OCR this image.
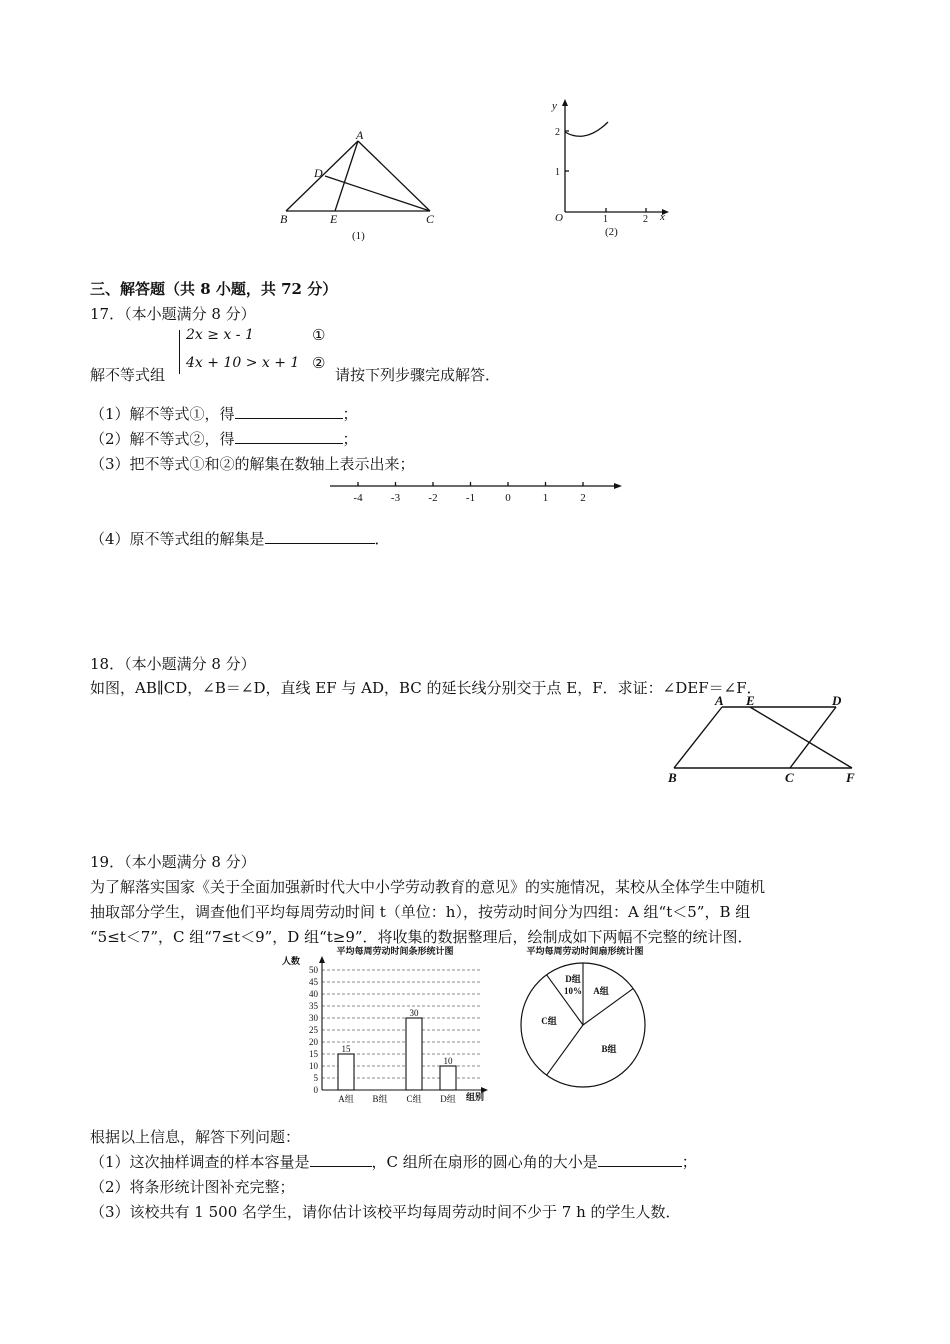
A
D
B	E	C
(1)
y
x
O	1	2
1
2
(2)
三、解答题（共 8 小题，共 72 分）
17．（本小题满分 8 分）
解不等式组
2x ≥ x - 1
4x + 10 > x + 1
①
②
请按下列步骤完成解答．
（1）解不等式①，得	；
（2）解不等式②，得	；
（3）把不等式①和②的解集在数轴上表示出来；
-4	-3	-2	-1	0	1	2
（4）原不等式组的解集是	．
18．（本小题满分 8 分）
如图，AB∥CD，∠B＝∠D，直线 EF 与 AD，BC 的延长线分别交于点 E，F．求证：∠DEF＝∠F．
A E	D
B	C	F
19．（本小题满分 8 分）
为了解落实国家《关于全面加强新时代大中小学劳动教育的意见》的实施情况，某校从全体学生中随机
抽取部分学生，调查他们平均每周劳动时间 t（单位：h），按劳动时间分为四组：A 组“t＜5”，B 组
“5≤t＜7”，C 组“7≤t＜9”，D 组“t≥9”．将收集的数据整理后，绘制成如下两幅不完整的统计图．
平均每周劳动时间条形统计图
人数
组别
0
5
10
15
20
25
30
35
40
45
50
15
A组 B组
30
C组
10
D组
平均每周劳动时间扇形统计图
A组
B组
C组
D组
10%
根据以上信息，解答下列问题：
（1）这次抽样调查的样本容量是	，C 组所在扇形的圆心角的大小是	；
（2）将条形统计图补充完整；
（3）该校共有 1 500 名学生，请你估计该校平均每周劳动时间不少于 7 h 的学生人数．
